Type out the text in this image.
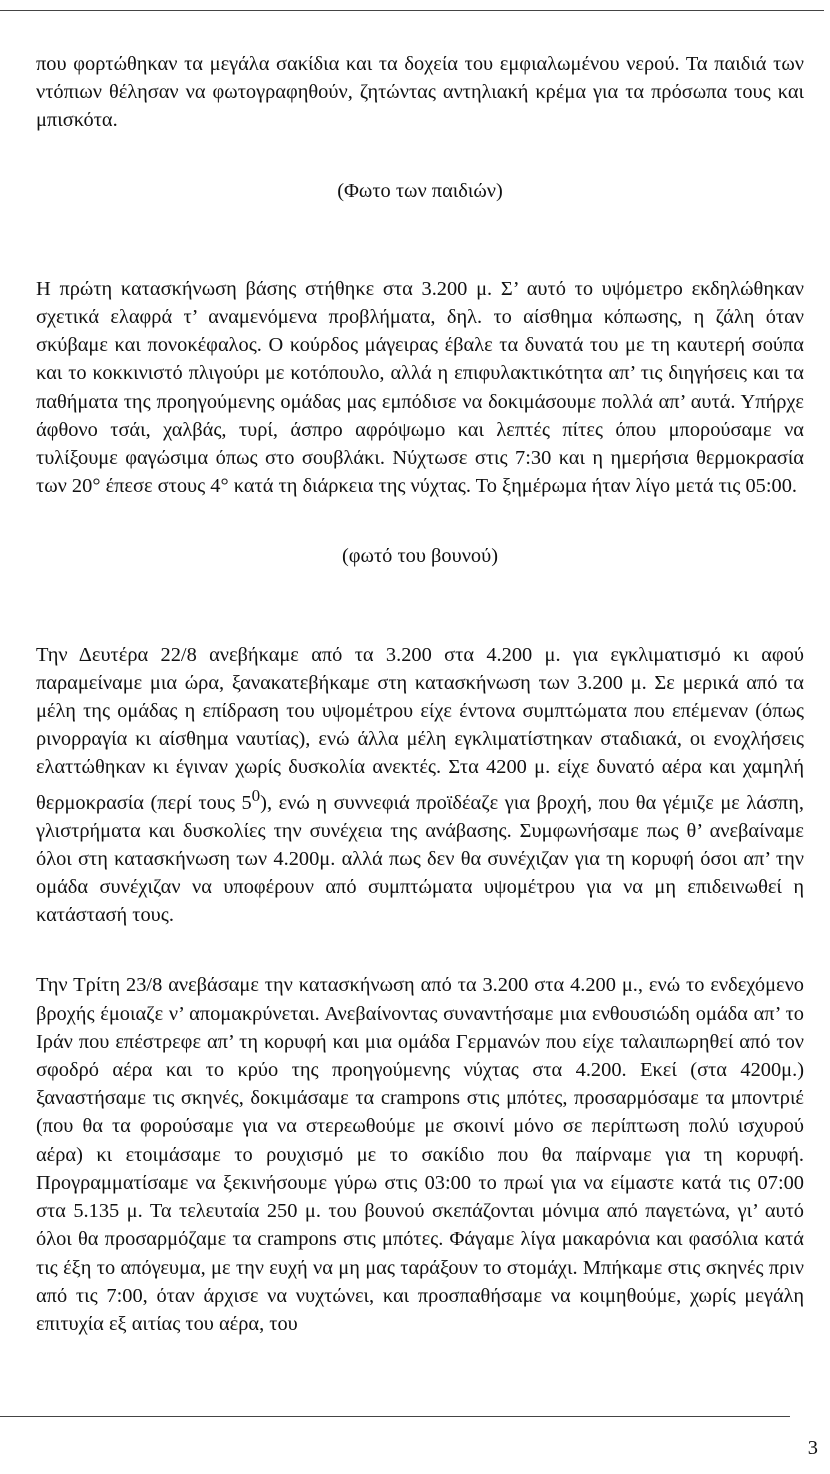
που φορτώθηκαν τα μεγάλα σακίδια και τα δοχεία του εμφιαλωμένου νερού. Τα παιδιά των ντόπιων θέλησαν να φωτογραφηθούν, ζητώντας αντηλιακή κρέμα για τα πρόσωπα τους και μπισκότα.

(Φωτο των παιδιών)

Η πρώτη κατασκήνωση βάσης στήθηκε στα 3.200 μ. Σ’ αυτό το υψόμετρο εκδηλώθηκαν σχετικά ελαφρά τ’ αναμενόμενα προβλήματα, δηλ. το αίσθημα κόπωσης, η ζάλη όταν σκύβαμε και πονοκέφαλος. Ο κούρδος μάγειρας έβαλε τα δυνατά του με τη καυτερή σούπα και το κοκκινιστό πλιγούρι με κοτόπουλο, αλλά η επιφυλακτικότητα απ’ τις διηγήσεις και τα παθήματα της προηγούμενης ομάδας μας εμπόδισε να δοκιμάσουμε πολλά απ’ αυτά. Υπήρχε άφθονο τσάι, χαλβάς, τυρί, άσπρο αφρόψωμο και λεπτές πίτες όπου μπορούσαμε να τυλίξουμε φαγώσιμα όπως στο σουβλάκι. Νύχτωσε στις 7:30 και η ημερήσια θερμοκρασία των 20° έπεσε στους 4° κατά τη διάρκεια της νύχτας. Το ξημέρωμα ήταν λίγο μετά τις 05:00.

(φωτό του βουνού)

Την Δευτέρα 22/8 ανεβήκαμε από τα 3.200 στα 4.200 μ. για εγκλιματισμό κι αφού παραμείναμε μια ώρα, ξανακατεβήκαμε στη κατασκήνωση των 3.200 μ. Σε μερικά από τα μέλη της ομάδας η επίδραση του υψομέτρου είχε έντονα συμπτώματα που επέμεναν (όπως ρινορραγία κι αίσθημα ναυτίας), ενώ άλλα μέλη εγκλιματίστηκαν σταδιακά, οι ενοχλήσεις ελαττώθηκαν κι έγιναν χωρίς δυσκολία ανεκτές. Στα 4200 μ. είχε δυνατό αέρα και χαμηλή θερμοκρασία (περί τους $5^0$), ενώ η συννεφιά προϊδέαζε για βροχή, που θα γέμιζε με λάσπη, γλιστρήματα και δυσκολίες την συνέχεια της ανάβασης. Συμφωνήσαμε πως θ’ ανεβαίναμε όλοι στη κατασκήνωση των 4.200μ. αλλά πως δεν θα συνέχιζαν για τη κορυφή όσοι απ’ την ομάδα συνέχιζαν να υποφέρουν από συμπτώματα υψομέτρου για να μη επιδεινωθεί η κατάστασή τους.

Την Τρίτη 23/8 ανεβάσαμε την κατασκήνωση από τα 3.200 στα 4.200 μ., ενώ το ενδεχόμενο βροχής έμοιαζε ν’ απομακρύνεται. Ανεβαίνοντας συναντήσαμε μια ενθουσιώδη ομάδα απ’ το Ιράν που επέστρεφε απ’ τη κορυφή και μια ομάδα Γερμανών που είχε ταλαιπωρηθεί από τον σφοδρό αέρα και το κρύο της προηγούμενης νύχτας στα 4.200. Εκεί (στα 4200μ.) ξαναστήσαμε τις σκηνές, δοκιμάσαμε τα crampons στις μπότες, προσαρμόσαμε τα μποντριέ (που θα τα φορούσαμε για να στερεωθούμε με σκοινί μόνο σε περίπτωση πολύ ισχυρού αέρα) κι ετοιμάσαμε το ρουχισμό με το σακίδιο που θα παίρναμε για τη κορυφή. Προγραμματίσαμε να ξεκινήσουμε γύρω στις 03:00 το πρωί για να είμαστε κατά τις 07:00 στα 5.135 μ. Τα τελευταία 250 μ. του βουνού σκεπάζονται μόνιμα από παγετώνα, γι’ αυτό όλοι θα προσαρμόζαμε τα crampons στις μπότες. Φάγαμε λίγα μακαρόνια και φασόλια κατά τις έξη το απόγευμα, με την ευχή να μη μας ταράξουν το στομάχι. Μπήκαμε στις σκηνές πριν από τις 7:00, όταν άρχισε να νυχτώνει, και προσπαθήσαμε να κοιμηθούμε, χωρίς μεγάλη επιτυχία εξ αιτίας του αέρα, του

3
